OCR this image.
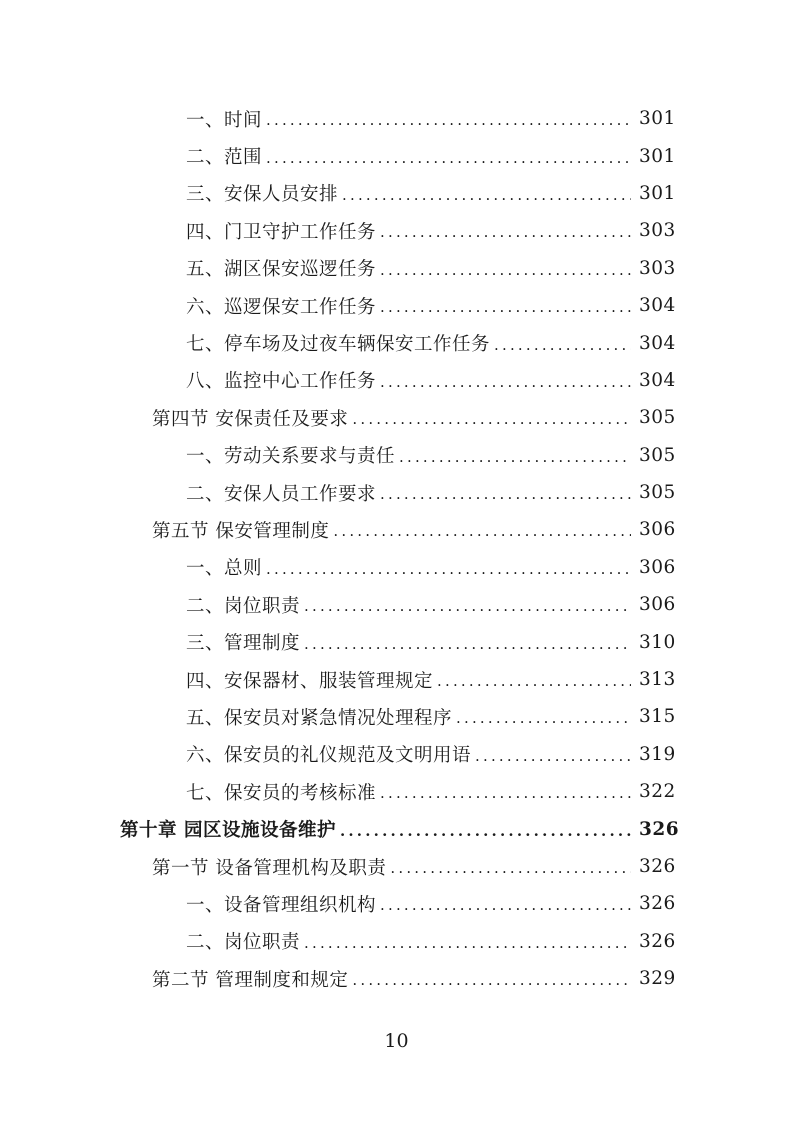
一、时间 .....	301
二、范围 .....	301
三、安保人员安排 .....	301
四、门卫守护工作任务 .....	303
五、湖区保安巡逻任务 .....	303
六、巡逻保安工作任务 .....	304
七、停车场及过夜车辆保安工作任务 .....	304
八、监控中心工作任务 .....	304
第四节 安保责任及要求 .....	305
一、劳动关系要求与责任 .....	305
二、安保人员工作要求 .....	305
第五节 保安管理制度 .....	306
一、总则 .....	306
二、岗位职责 .....	306
三、管理制度 .....	310
四、安保器材、服装管理规定 .....	313
五、保安员对紧急情况处理程序 .....	315
六、保安员的礼仪规范及文明用语 .....	319
七、保安员的考核标准 .....	322
第十章 园区设施设备维护 .....	326
第一节 设备管理机构及职责 .....	326
一、设备管理组织机构 .....	326
二、岗位职责 .....	326
第二节 管理制度和规定 .....	329
10
